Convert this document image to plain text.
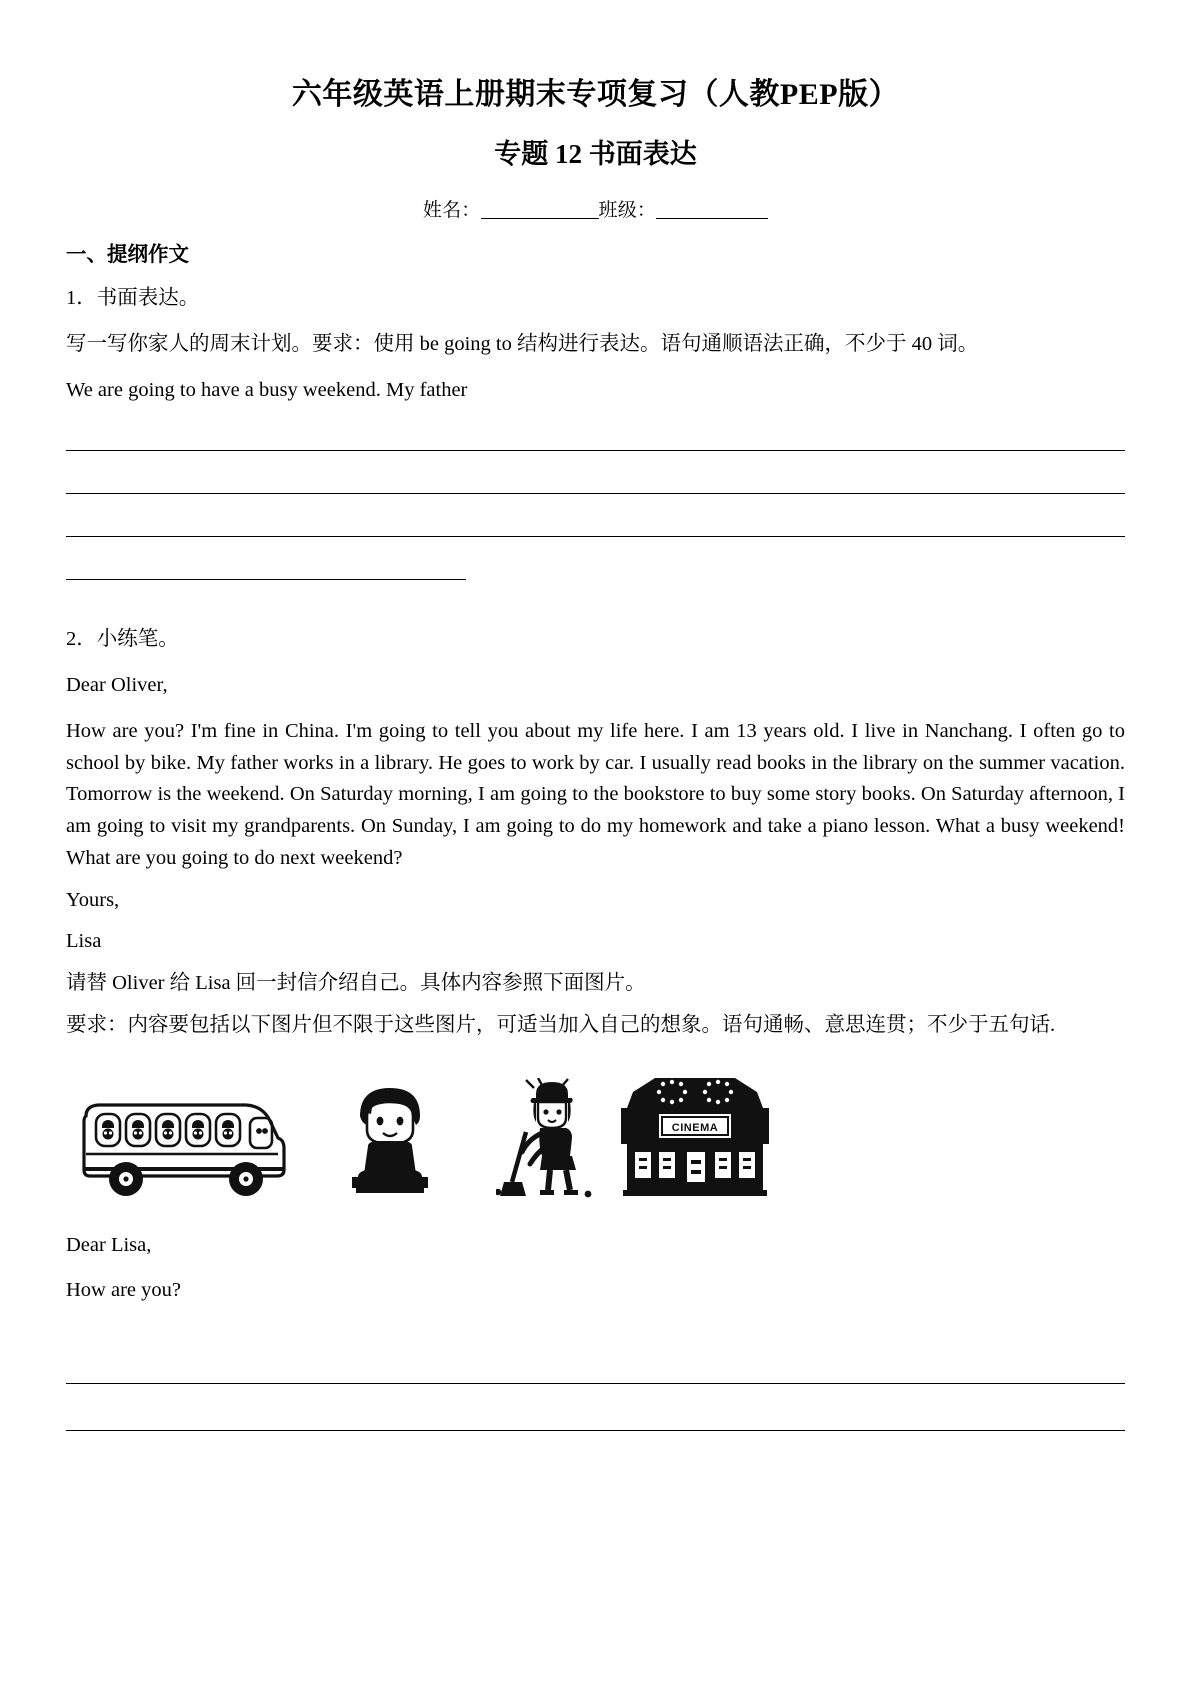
六年级英语上册期末专项复习（人教PEP版）
专题 12 书面表达

姓名：	班级：

一、提纲作文

1．书面表达。

写一写你家人的周末计划。要求：使用 be going to 结构进行表达。语句通顺语法正确，不少于 40 词。

We are going to have a busy weekend. My father

2．小练笔。

Dear Oliver,

How are you? I'm fine in China. I'm going to tell you about my life here. I am 13 years old. I live in Nanchang. I often go to school by bike. My father works in a library. He goes to work by car. I usually read books in the library on the summer vacation. Tomorrow is the weekend. On Saturday morning, I am going to the bookstore to buy some story books. On Saturday afternoon, I am going to visit my grandparents. On Sunday, I am going to do my homework and take a piano lesson. What a busy weekend! What are you going to do next weekend?

Yours,

Lisa

请替 Oliver 给 Lisa 回一封信介绍自己。具体内容参照下面图片。

要求：内容要包括以下图片但不限于这些图片，可适当加入自己的想象。语句通畅、意思连贯；不少于五句话.

CINEMA

Dear Lisa,

How are you?
